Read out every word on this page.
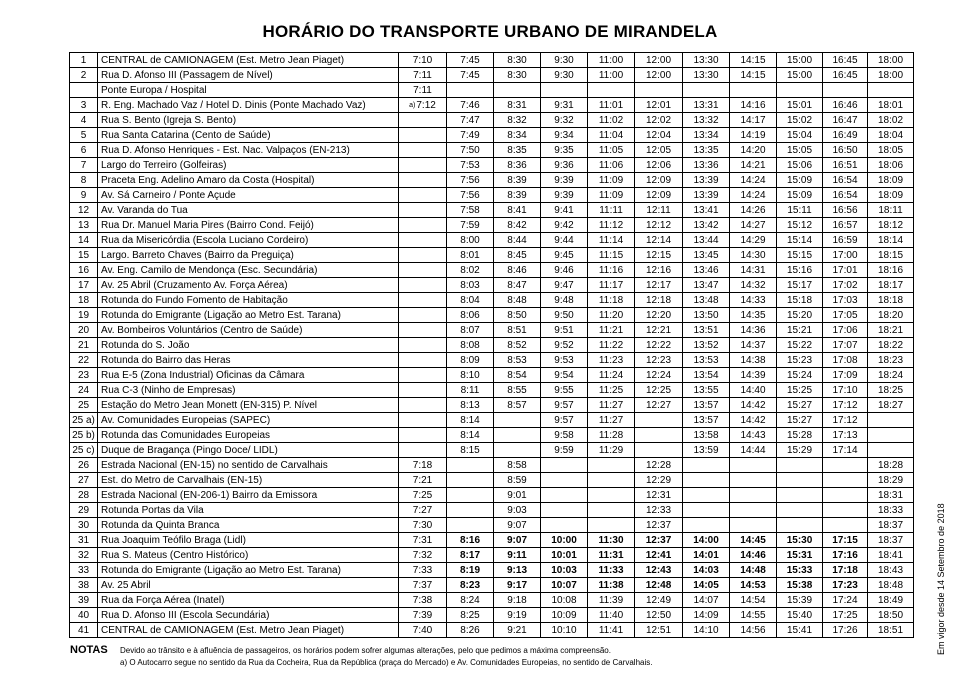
HORÁRIO DO TRANSPORTE URBANO DE MIRANDELA
1	CENTRAL de CAMIONAGEM (Est. Metro Jean Piaget)	7:10	7:45	8:30	9:30	11:00	12:00	13:30	14:15	15:00	16:45	18:00
2	Rua D. Afonso III (Passagem de Nível)	7:11	7:45	8:30	9:30	11:00	12:00	13:30	14:15	15:00	16:45	18:00
	Ponte Europa / Hospital	7:11										
3	R. Eng. Machado Vaz / Hotel D. Dinis (Ponte Machado Vaz)	a)7:12	7:46	8:31	9:31	11:01	12:01	13:31	14:16	15:01	16:46	18:01
4	Rua S. Bento (Igreja S. Bento)		7:47	8:32	9:32	11:02	12:02	13:32	14:17	15:02	16:47	18:02
5	Rua Santa Catarina (Cento de Saúde)		7:49	8:34	9:34	11:04	12:04	13:34	14:19	15:04	16:49	18:04
6	Rua D. Afonso Henriques - Est. Nac. Valpaços (EN-213)		7:50	8:35	9:35	11:05	12:05	13:35	14:20	15:05	16:50	18:05
7	Largo do Terreiro (Golfeiras)		7:53	8:36	9:36	11:06	12:06	13:36	14:21	15:06	16:51	18:06
8	Praceta Eng. Adelino Amaro da Costa (Hospital)		7:56	8:39	9:39	11:09	12:09	13:39	14:24	15:09	16:54	18:09
9	Av. Sá Carneiro / Ponte Açude		7:56	8:39	9:39	11:09	12:09	13:39	14:24	15:09	16:54	18:09
12	Av. Varanda do Tua		7:58	8:41	9:41	11:11	12:11	13:41	14:26	15:11	16:56	18:11
13	Rua Dr. Manuel Maria Pires (Bairro Cond. Feijó)		7:59	8:42	9:42	11:12	12:12	13:42	14:27	15:12	16:57	18:12
14	Rua da Misericórdia (Escola Luciano Cordeiro)		8:00	8:44	9:44	11:14	12:14	13:44	14:29	15:14	16:59	18:14
15	Largo. Barreto Chaves (Bairro da Preguiça)		8:01	8:45	9:45	11:15	12:15	13:45	14:30	15:15	17:00	18:15
16	Av. Eng. Camilo de Mendonça (Esc. Secundária)		8:02	8:46	9:46	11:16	12:16	13:46	14:31	15:16	17:01	18:16
17	Av. 25 Abril (Cruzamento Av. Força Aérea)		8:03	8:47	9:47	11:17	12:17	13:47	14:32	15:17	17:02	18:17
18	Rotunda do Fundo Fomento de Habitação		8:04	8:48	9:48	11:18	12:18	13:48	14:33	15:18	17:03	18:18
19	Rotunda do Emigrante (Ligação ao Metro Est. Tarana)		8:06	8:50	9:50	11:20	12:20	13:50	14:35	15:20	17:05	18:20
20	Av. Bombeiros Voluntários (Centro de Saúde)		8:07	8:51	9:51	11:21	12:21	13:51	14:36	15:21	17:06	18:21
21	Rotunda do S. João		8:08	8:52	9:52	11:22	12:22	13:52	14:37	15:22	17:07	18:22
22	Rotunda do Bairro das Heras		8:09	8:53	9:53	11:23	12:23	13:53	14:38	15:23	17:08	18:23
23	Rua E-5 (Zona Industrial) Oficinas da Câmara		8:10	8:54	9:54	11:24	12:24	13:54	14:39	15:24	17:09	18:24
24	Rua C-3 (Ninho de Empresas)		8:11	8:55	9:55	11:25	12:25	13:55	14:40	15:25	17:10	18:25
25	Estação do Metro Jean Monett (EN-315) P. Nível		8:13	8:57	9:57	11:27	12:27	13:57	14:42	15:27	17:12	18:27
25 a)	Av. Comunidades Europeias (SAPEC)		8:14		9:57	11:27		13:57	14:42	15:27	17:12	
25 b)	Rotunda das Comunidades Europeias		8:14		9:58	11:28		13:58	14:43	15:28	17:13	
25 c)	Duque de Bragança (Pingo Doce/ LIDL)		8:15		9:59	11:29		13:59	14:44	15:29	17:14	
26	Estrada Nacional (EN-15) no sentido de Carvalhais	7:18		8:58			12:28					18:28
27	Est. do Metro de Carvalhais (EN-15)	7:21		8:59			12:29					18:29
28	Estrada Nacional (EN-206-1) Bairro da Emissora	7:25		9:01			12:31					18:31
29	Rotunda Portas da Vila	7:27		9:03			12:33					18:33
30	Rotunda da Quinta Branca	7:30		9:07			12:37					18:37
31	Rua Joaquim Teófilo Braga (Lidl)	7:31	8:16	9:07	10:00	11:30	12:37	14:00	14:45	15:30	17:15	18:37
32	Rua S. Mateus (Centro Histórico)	7:32	8:17	9:11	10:01	11:31	12:41	14:01	14:46	15:31	17:16	18:41
33	Rotunda do Emigrante (Ligação ao Metro Est. Tarana)	7:33	8:19	9:13	10:03	11:33	12:43	14:03	14:48	15:33	17:18	18:43
38	Av. 25 Abril	7:37	8:23	9:17	10:07	11:38	12:48	14:05	14:53	15:38	17:23	18:48
39	Rua da Força Aérea (Inatel)	7:38	8:24	9:18	10:08	11:39	12:49	14:07	14:54	15:39	17:24	18:49
40	Rua D. Afonso III (Escola Secundária)	7:39	8:25	9:19	10:09	11:40	12:50	14:09	14:55	15:40	17:25	18:50
41	CENTRAL de CAMIONAGEM (Est. Metro Jean Piaget)	7:40	8:26	9:21	10:10	11:41	12:51	14:10	14:56	15:41	17:26	18:51
NOTAS Devido ao trânsito e à afluência de passageiros, os horários podem sofrer algumas alterações, pelo que pedimos a máxima compreensão.
a) O Autocarro segue no sentido da Rua da Cocheira, Rua da República (praça do Mercado) e Av. Comunidades Europeias, no sentido de Carvalhais.
Em vigor desde 14 Setembro de 2018
